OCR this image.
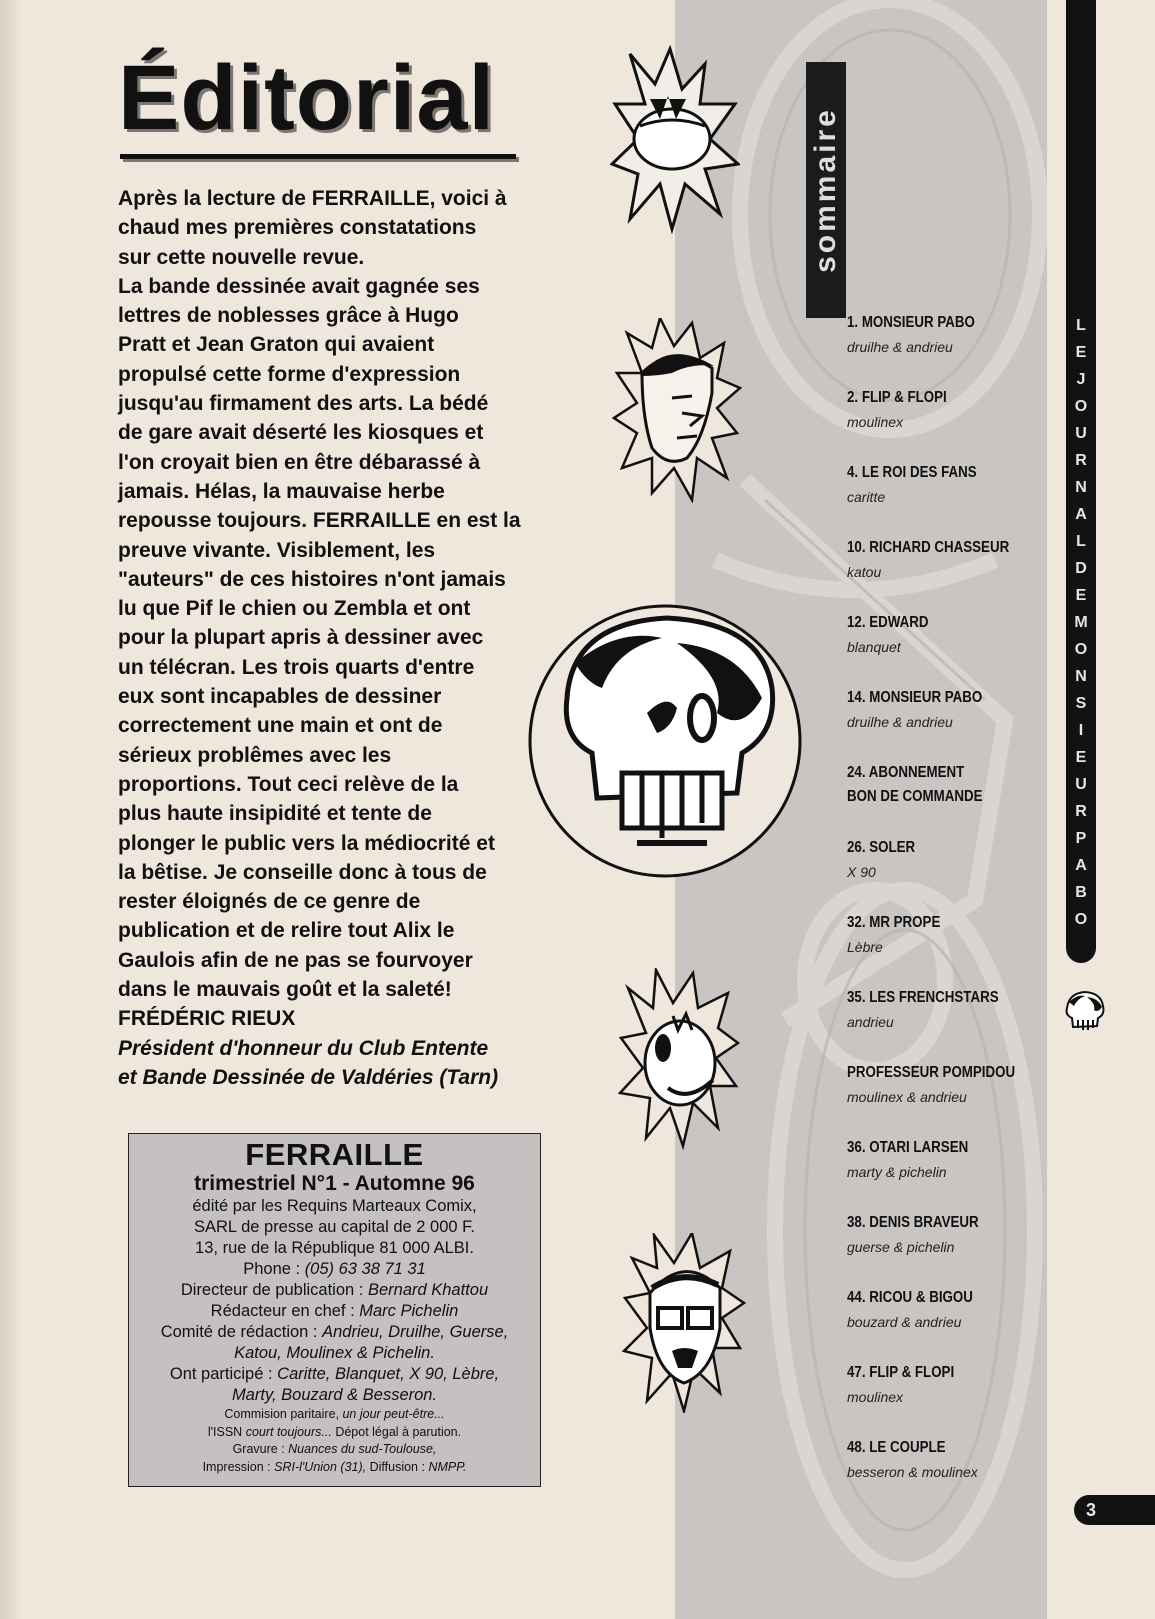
Éditorial

Après la lecture de FERRAILLE, voici à

chaud mes premières constatations

sur cette nouvelle revue.

La bande dessinée avait gagnée ses

lettres de noblesses grâce à Hugo

Pratt et Jean Graton qui avaient

propulsé cette forme d'expression

jusqu'au firmament des arts. La bédé

de gare avait déserté les kiosques et

l'on croyait bien en être débarassé à

jamais. Hélas, la mauvaise herbe

repousse toujours. FERRAILLE en est la

preuve vivante. Visiblement, les

"auteurs" de ces histoires n'ont jamais

lu que Pif le chien ou Zembla et ont

pour la plupart apris à dessiner avec

un télécran. Les trois quarts d'entre

eux sont incapables de dessiner

correctement une main et ont de

sérieux problêmes avec les

proportions. Tout ceci relève de la

plus haute insipidité et tente de

plonger le public vers la médiocrité et

la bêtise. Je conseille donc à tous de

rester éloignés de ce genre de

publication et de relire tout Alix le

Gaulois afin de ne pas se fourvoyer

dans le mauvais goût et la saleté!

FRÉDÉRIC RIEUX

Président d'honneur du Club Entente

et Bande Dessinée de Valdéries (Tarn)

FERRAILLE
trimestriel N°1 - Automne 96
édité par les Requins Marteaux Comix,
SARL de presse au capital de 2 000 F.
13, rue de la République 81 000 ALBI.
Phone : (05) 63 38 71 31
Directeur de publication : Bernard Khattou
Rédacteur en chef : Marc Pichelin
Comité de rédaction : Andrieu, Druilhe, Guerse,
Katou, Moulinex & Pichelin.
Ont participé : Caritte, Blanquet, X 90, Lèbre,
Marty, Bouzard & Besseron.
Commision paritaire, un jour peut-être...
l'ISSN court toujours... Dépot légal à parution.
Gravure : Nuances du sud-Toulouse,
Impression : SRI-l'Union (31), Diffusion : NMPP.
sommaire
1. MONSIEUR PABO
druilhe & andrieu
2. FLIP & FLOPI
moulinex
4. LE ROI DES FANS
caritte
10. RICHARD CHASSEUR
katou
12. EDWARD
blanquet
14. MONSIEUR PABO
druilhe & andrieu
24. ABONNEMENT
BON DE COMMANDE
26. SOLER
X 90
32. MR PROPE
Lèbre
35. LES FRENCHSTARS
andrieu
PROFESSEUR POMPIDOU
moulinex & andrieu
36. OTARI LARSEN
marty & pichelin
38. DENIS BRAVEUR
guerse & pichelin
44. RICOU & BIGOU
bouzard & andrieu
47. FLIP & FLOPI
moulinex
48. LE COUPLE
besseron & moulinex
L
E
J
O
U
R
N
A
L
D
E
M
O
N
S
I
E
U
R
P
A
B
O
3
